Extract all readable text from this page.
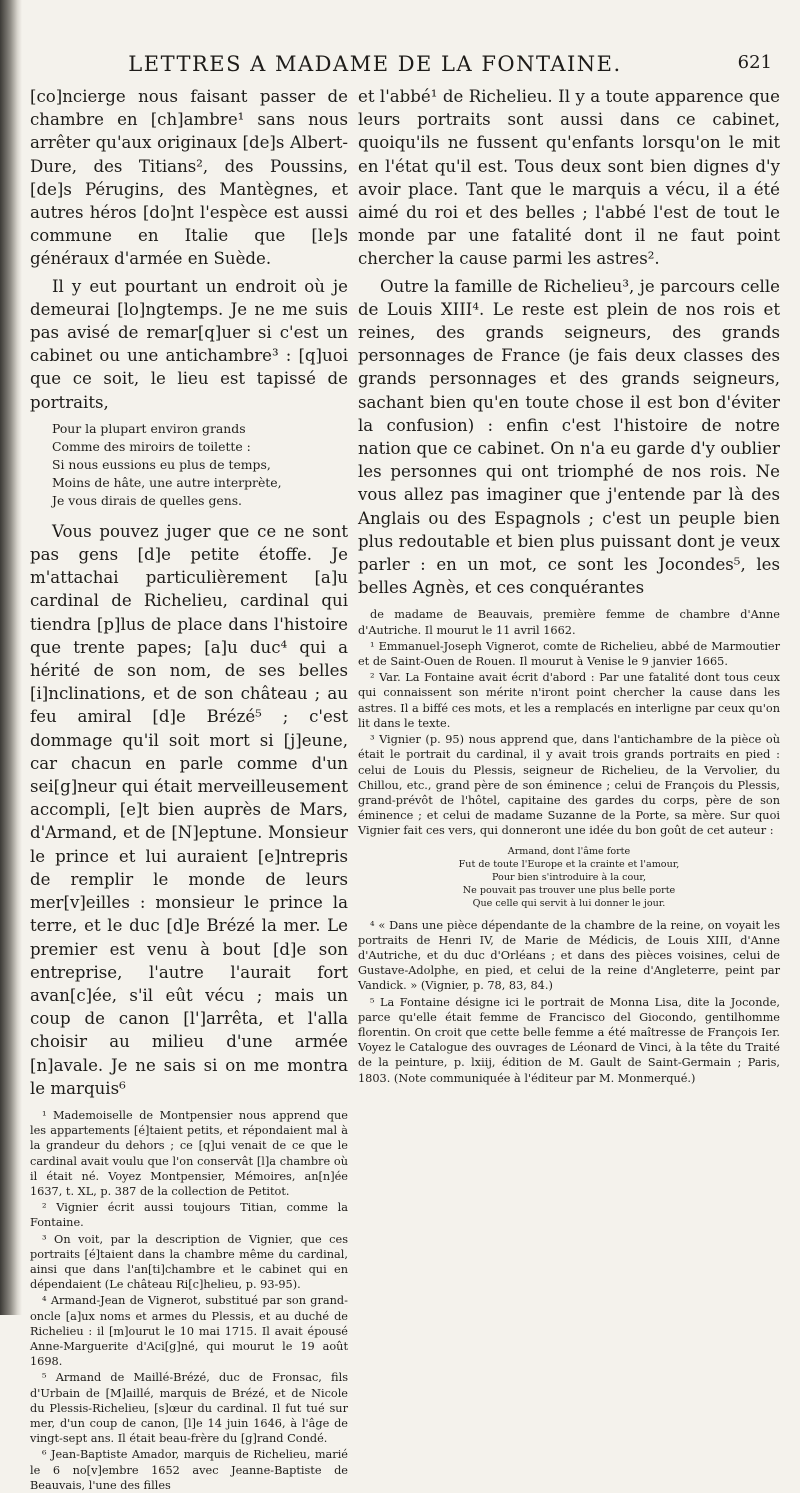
LETTRES A MADAME DE LA FONTAINE.	621

[co]ncierge nous faisant passer de chambre en [ch]ambre¹ sans nous arrêter qu'aux originaux [de]s Albert-Dure, des Titians², des Poussins, [de]s Pérugins, des Mantègnes, et autres héros [do]nt l'espèce est aussi commune en Italie que [le]s généraux d'armée en Suède.

Il y eut pourtant un endroit où je demeurai [lo]ngtemps. Je ne me suis pas avisé de remar[q]uer si c'est un cabinet ou une antichambre³ : [q]uoi que ce soit, le lieu est tapissé de portraits,

Pour la plupart environ grands
Comme des miroirs de toilette :
Si nous eussions eu plus de temps,
Moins de hâte, une autre interprète,
Je vous dirais de quelles gens.

Vous pouvez juger que ce ne sont pas gens [d]e petite étoffe. Je m'attachai particulièrement [a]u cardinal de Richelieu, cardinal qui tiendra [p]lus de place dans l'histoire que trente papes; [a]u duc⁴ qui a hérité de son nom, de ses belles [i]nclinations, et de son château ; au feu amiral [d]e Brézé⁵ ; c'est dommage qu'il soit mort si [j]eune, car chacun en parle comme d'un sei[g]neur qui était merveilleusement accompli, [e]t bien auprès de Mars, d'Armand, et de [N]eptune. Monsieur le prince et lui auraient [e]ntrepris de remplir le monde de leurs mer[v]eilles : monsieur le prince la terre, et le duc [d]e Brézé la mer. Le premier est venu à bout [d]e son entreprise, l'autre l'aurait fort avan[c]ée, s'il eût vécu ; mais un coup de canon [l']arrêta, et l'alla choisir au milieu d'une armée [n]avale. Je ne sais si on me montra le marquis⁶

¹ Mademoiselle de Montpensier nous apprend que les appartements [é]taient petits, et répondaient mal à la grandeur du dehors ; ce [q]ui venait de ce que le cardinal avait voulu que l'on conservât [l]a chambre où il était né. Voyez Montpensier, Mémoires, an[n]ée 1637, t. XL, p. 387 de la collection de Petitot.

² Vignier écrit aussi toujours Titian, comme la Fontaine.

³ On voit, par la description de Vignier, que ces portraits [é]taient dans la chambre même du cardinal, ainsi que dans l'an[ti]chambre et le cabinet qui en dépendaient (Le château Ri[c]helieu, p. 93-95).

⁴ Armand-Jean de Vignerot, substitué par son grand-oncle [a]ux noms et armes du Plessis, et au duché de Richelieu : il [m]ourut le 10 mai 1715. Il avait épousé Anne-Marguerite d'Aci[g]né, qui mourut le 19 août 1698.

⁵ Armand de Maillé-Brézé, duc de Fronsac, fils d'Urbain de [M]aillé, marquis de Brézé, et de Nicole du Plessis-Richelieu, [s]œur du cardinal. Il fut tué sur mer, d'un coup de canon, [l]e 14 juin 1646, à l'âge de vingt-sept ans. Il était beau-frère du [g]rand Condé.

⁶ Jean-Baptiste Amador, marquis de Richelieu, marié le 6 no[v]embre 1652 avec Jeanne-Baptiste de Beauvais, l'une des filles

et l'abbé¹ de Richelieu. Il y a toute apparence que leurs portraits sont aussi dans ce cabinet, quoiqu'ils ne fussent qu'enfants lorsqu'on le mit en l'état qu'il est. Tous deux sont bien dignes d'y avoir place. Tant que le marquis a vécu, il a été aimé du roi et des belles ; l'abbé l'est de tout le monde par une fatalité dont il ne faut point chercher la cause parmi les astres².

Outre la famille de Richelieu³, je parcours celle de Louis XIII⁴. Le reste est plein de nos rois et reines, des grands seigneurs, des grands personnages de France (je fais deux classes des grands personnages et des grands seigneurs, sachant bien qu'en toute chose il est bon d'éviter la confusion) : enfin c'est l'histoire de notre nation que ce cabinet. On n'a eu garde d'y oublier les personnes qui ont triomphé de nos rois. Ne vous allez pas imaginer que j'entende par là des Anglais ou des Espagnols ; c'est un peuple bien plus redoutable et bien plus puissant dont je veux parler : en un mot, ce sont les Jocondes⁵, les belles Agnès, et ces conquérantes

de madame de Beauvais, première femme de chambre d'Anne d'Autriche. Il mourut le 11 avril 1662.

¹ Emmanuel-Joseph Vignerot, comte de Richelieu, abbé de Marmoutier et de Saint-Ouen de Rouen. Il mourut à Venise le 9 janvier 1665.

² Var. La Fontaine avait écrit d'abord : Par une fatalité dont tous ceux qui connaissent son mérite n'iront point chercher la cause dans les astres. Il a biffé ces mots, et les a remplacés en interligne par ceux qu'on lit dans le texte.

³ Vignier (p. 95) nous apprend que, dans l'antichambre de la pièce où était le portrait du cardinal, il y avait trois grands portraits en pied : celui de Louis du Plessis, seigneur de Richelieu, de la Vervolier, du Chillou, etc., grand père de son éminence ; celui de François du Plessis, grand-prévôt de l'hôtel, capitaine des gardes du corps, père de son éminence ; et celui de madame Suzanne de la Porte, sa mère. Sur quoi Vignier fait ces vers, qui donneront une idée du bon goût de cet auteur :

Armand, dont l'âme forte
Fut de toute l'Europe et la crainte et l'amour,
Pour bien s'introduire à la cour,
Ne pouvait pas trouver une plus belle porte
Que celle qui servit à lui donner le jour.

⁴ « Dans une pièce dépendante de la chambre de la reine, on voyait les portraits de Henri IV, de Marie de Médicis, de Louis XIII, d'Anne d'Autriche, et du duc d'Orléans ; et dans des pièces voisines, celui de Gustave-Adolphe, en pied, et celui de la reine d'Angleterre, peint par Vandick. » (Vignier, p. 78, 83, 84.)

⁵ La Fontaine désigne ici le portrait de Monna Lisa, dite la Joconde, parce qu'elle était femme de Francisco del Giocondo, gentilhomme florentin. On croit que cette belle femme a été maîtresse de François Ier. Voyez le Catalogue des ouvrages de Léonard de Vinci, à la tête du Traité de la peinture, p. lxiij, édition de M. Gault de Saint-Germain ; Paris, 1803. (Note communiquée à l'éditeur par M. Monmerqué.)
